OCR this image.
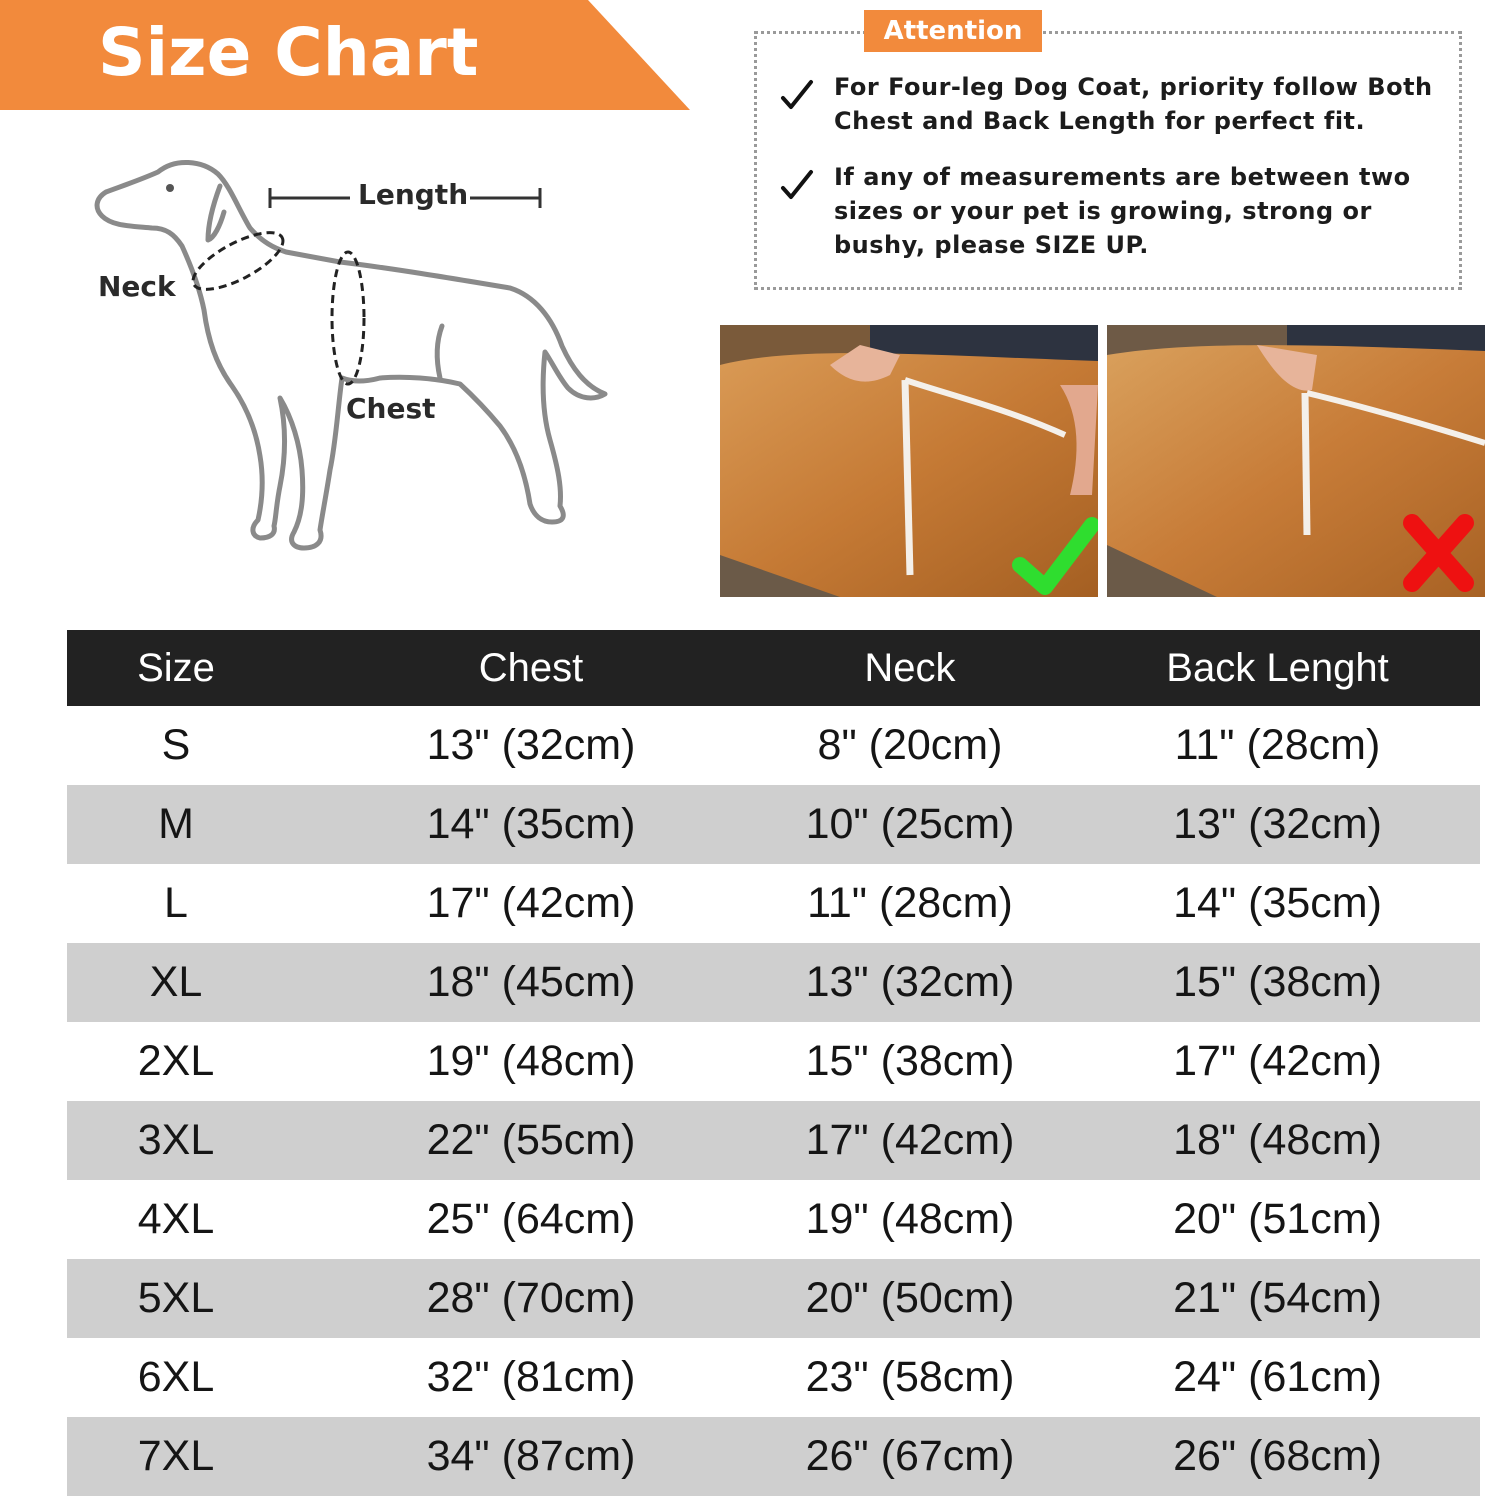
Size Chart
Length
Neck
Chest
Attention
For Four-leg Dog Coat, priority follow Both Chest and Back Length for perfect fit.
If any of measurements are between two sizes or your pet is growing, strong or bushy, please SIZE UP.
Size	Chest	Neck	Back Lenght
S	13" (32cm)	8" (20cm)	11" (28cm)
M	14" (35cm)	10" (25cm)	13" (32cm)
L	17" (42cm)	11" (28cm)	14" (35cm)
XL	18" (45cm)	13" (32cm)	15" (38cm)
2XL	19" (48cm)	15" (38cm)	17" (42cm)
3XL	22" (55cm)	17" (42cm)	18" (48cm)
4XL	25" (64cm)	19" (48cm)	20" (51cm)
5XL	28" (70cm)	20" (50cm)	21" (54cm)
6XL	32" (81cm)	23" (58cm)	24" (61cm)
7XL	34" (87cm)	26" (67cm)	26" (68cm)
